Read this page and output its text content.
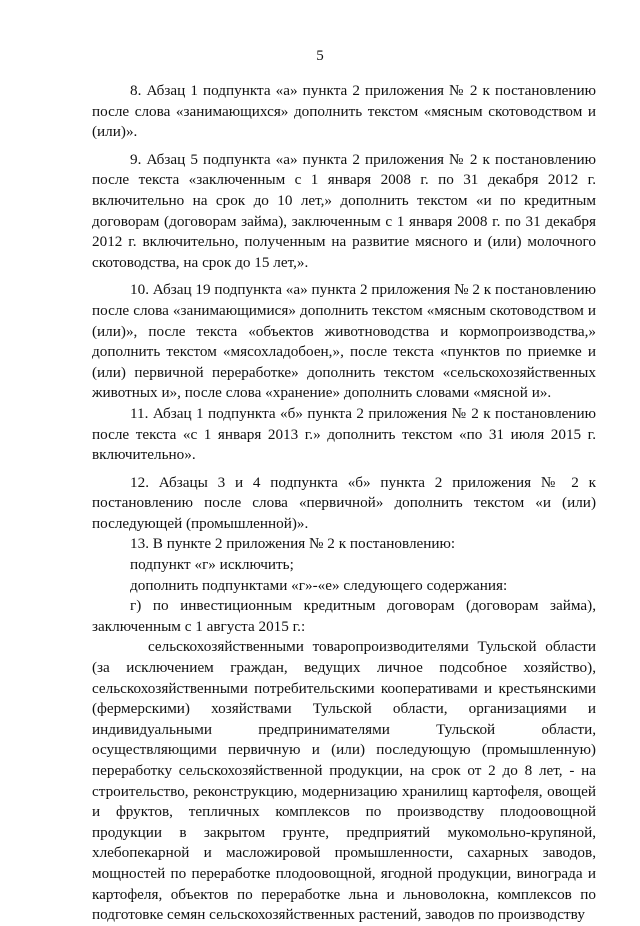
5

8. Абзац 1 подпункта «а» пункта 2 приложения № 2 к постановлению после слова «занимающихся» дополнить текстом «мясным скотоводством и (или)».

9. Абзац 5 подпункта «а» пункта 2 приложения № 2 к постановлению после текста «заключенным с 1 января 2008 г. по 31 декабря 2012 г. включительно на срок до 10 лет,» дополнить текстом «и по кредитным договорам (договорам займа), заключенным с 1 января 2008 г. по 31 декабря 2012 г. включительно, полученным на развитие мясного и (или) молочного скотоводства, на срок до 15 лет,».

10. Абзац 19 подпункта «а» пункта 2 приложения № 2 к постановлению после слова «занимающимися» дополнить текстом «мясным скотоводством и (или)», после текста «объектов животноводства и кормопроизводства,» дополнить текстом «мясохладобоен,», после текста «пунктов по приемке и (или) первичной переработке» дополнить текстом «сельскохозяйственных животных и», после слова «хранение» дополнить словами «мясной и».

11. Абзац 1 подпункта «б» пункта 2 приложения № 2 к постановлению после текста «с 1 января 2013 г.» дополнить текстом «по 31 июля 2015 г. включительно».

12. Абзацы 3 и 4 подпункта «б» пункта 2 приложения № 2 к постановлению после слова «первичной» дополнить текстом «и (или) последующей (промышленной)».

13. В пункте 2 приложения № 2 к постановлению:

подпункт «г» исключить;

дополнить подпунктами «г»-«е» следующего содержания:

г) по инвестиционным кредитным договорам (договорам займа), заключенным с 1 августа 2015 г.:

сельскохозяйственными товаропроизводителями Тульской области (за исключением граждан, ведущих личное подсобное хозяйство), сельскохозяйственными потребительскими кооперативами и крестьянскими (фермерскими) хозяйствами Тульской области, организациями и индивидуальными предпринимателями Тульской области, осуществляющими первичную и (или) последующую (промышленную) переработку сельскохозяйственной продукции, на срок от 2 до 8 лет, - на строительство, реконструкцию, модернизацию хранилищ картофеля, овощей и фруктов, тепличных комплексов по производству плодоовощной продукции в закрытом грунте, предприятий мукомольно-крупяной, хлебопекарной и масложировой промышленности, сахарных заводов, мощностей по переработке плодоовощной, ягодной продукции, винограда и картофеля, объектов по переработке льна и льноволокна, комплексов по подготовке семян сельскохозяйственных растений, заводов по производству
